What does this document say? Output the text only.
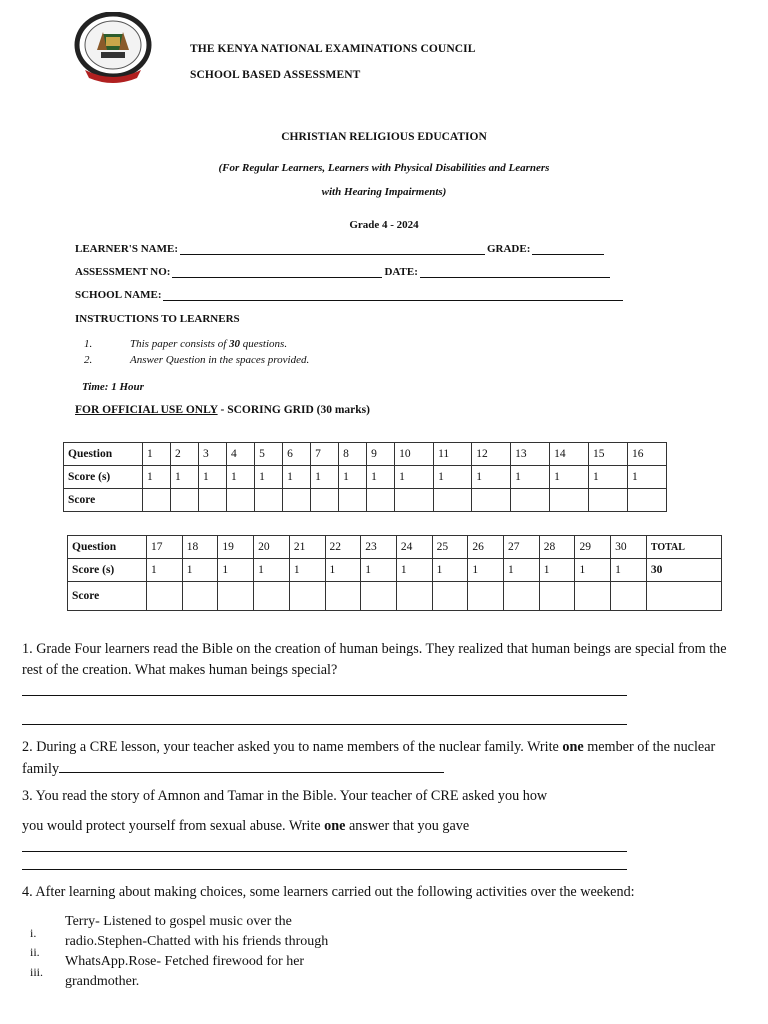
THE KENYA NATIONAL EXAMINATIONS COUNCIL
SCHOOL BASED ASSESSMENT
CHRISTIAN RELIGIOUS EDUCATION
(For Regular Learners, Learners with Physical Disabilities and Learners
with Hearing Impairments)
Grade 4 - 2024
LEARNER'S NAME:	GRADE:
ASSESSMENT NO:	DATE:
SCHOOL NAME:
INSTRUCTIONS TO LEARNERS
1.	This paper consists of 30 questions.
2.	Answer Question in the spaces provided.
Time: 1 Hour
FOR OFFICIAL USE ONLY - SCORING GRID (30 marks)
Question	1	2	3	4	5	6	7	8	9	10	11	12	13	14	15	16
Score (s)	1	1	1	1	1	1	1	1	1	1	1	1	1	1	1	1
Score																
Question	17	18	19	20	21	22	23	24	25	26	27	28	29	30	TOTAL
Score (s)	1	1	1	1	1	1	1	1	1	1	1	1	1	1	30
Score															
1. Grade Four learners read the Bible on the creation of human beings. They realized that human beings are special from the rest of the creation. What makes human beings special?
2. During a CRE lesson, your teacher asked you to name members of the nuclear family. Write one member of the nuclear family
3. You read the story of Amnon and Tamar in the Bible. Your teacher of CRE asked you how
you would protect yourself from sexual abuse. Write one answer that you gave
4. After learning about making choices, some learners carried out the following activities over the weekend:
i.
ii.
iii.
Terry- Listened to gospel music over the
radio.Stephen-Chatted with his friends through
WhatsApp.Rose- Fetched firewood for her
grandmother.
